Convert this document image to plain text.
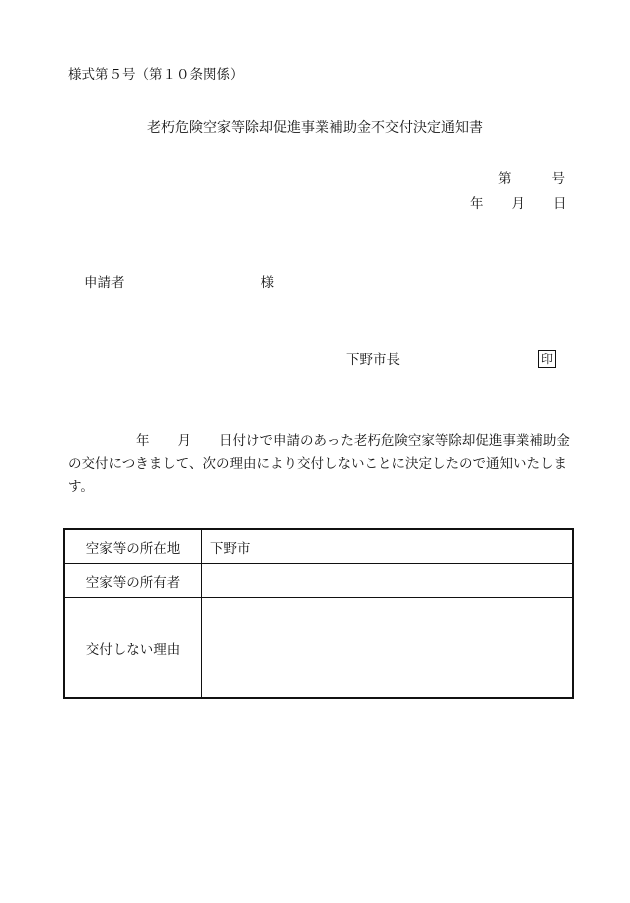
様式第５号（第１０条関係）
老朽危険空家等除却促進事業補助金不交付決定通知書
第	号
年 月 日
申請者	様
下野市長	印
年 月 日付けで申請のあった老朽危険空家等除却促進事業補助金の交付につきまして、次の理由により交付しないことに決定したので通知いたします。
空家等の所在地	下野市
空家等の所有者	
交付しない理由	
